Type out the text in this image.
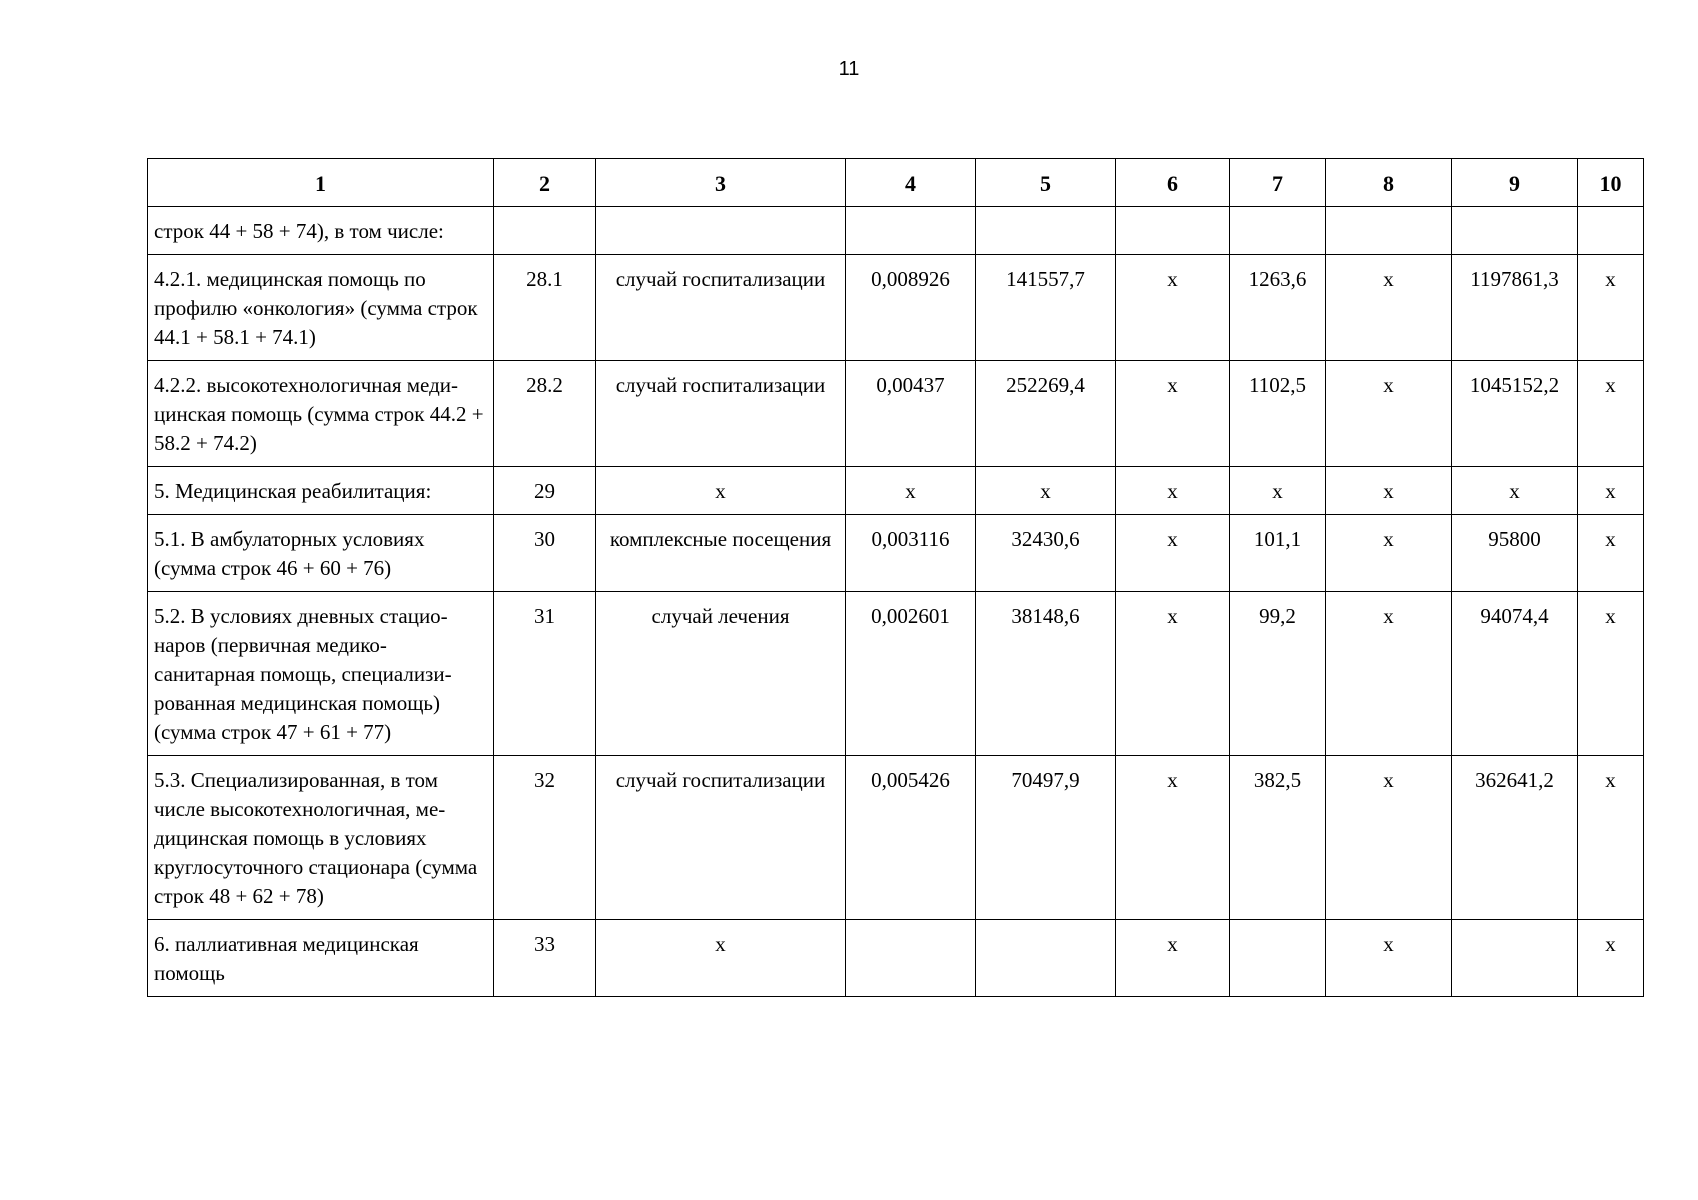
11
1	2	3	4	5	6	7	8	9	10
строк 44 + 58 + 74), в том числе:									
4.2.1. медицинская помощь по профилю «онкология» (сумма строк 44.1 + 58.1 + 74.1)	28.1	случай госпитализации	0,008926	141557,7	х	1263,6	х	1197861,3	х
4.2.2. высокотехнологичная меди-цинская помощь (сумма строк 44.2 + 58.2 + 74.2)	28.2	случай госпитализации	0,00437	252269,4	х	1102,5	х	1045152,2	х
5. Медицинская реабилитация:	29	х	х	х	х	х	х	х	х
5.1. В амбулаторных условиях (сумма строк 46 + 60 + 76)	30	комплексные посещения	0,003116	32430,6	х	101,1	х	95800	х
5.2. В условиях дневных стацио-наров (первичная медико-санитарная помощь, специализи-рованная медицинская помощь) (сумма строк 47 + 61 + 77)	31	случай лечения	0,002601	38148,6	х	99,2	х	94074,4	х
5.3. Специализированная, в том числе высокотехнологичная, ме-дицинская помощь в условиях круглосуточного стационара (сумма строк 48 + 62 + 78)	32	случай госпитализации	0,005426	70497,9	х	382,5	х	362641,2	х
6. паллиативная медицинская помощь	33	х			х		х		х
